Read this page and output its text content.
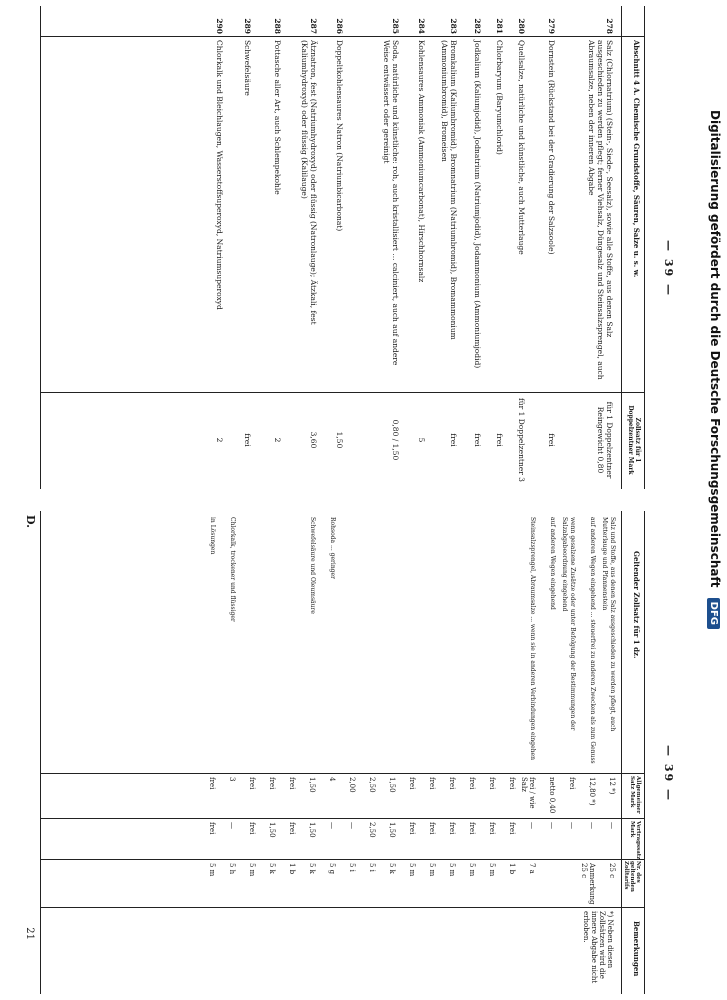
— 39 —
Abschnitt 4 A. Chemische Grundstoffe, Säuren, Salze u. s. w.
Zollsatz für 1 Doppelzentner Mark
278
Salz (Chlornatrium) (Stein-, Siede-, Seesalz), sowie alle Stoffe, aus denen Salz ausgeschieden zu werden pflegt; ferner Viehsalz, Düngesalz und Steinsalzsprengel, auch Abraumsalze, neben der inneren Abgabe
für 1 Doppelzentner Reingewicht 0,80
279
Dornstein (Rückstand bei der Gradierung der Salzsoole)
frei
280
Quellsalze, natürliche und künstliche, auch Mutterlauge
für 1 Doppelzentner 3
281
Chlorbaryum (Baryumchlorid)
frei
282
Jodkalium (Kaliumjodid), Jodnatrium (Natriumjodid), Jodammonium (Ammoniumjodid)
frei
283
Bromkalium (Kaliumbromid), Bromnatrium (Natriumbromid), Bromammonium (Ammoniumbromid), Bromeisen
frei
284
Kohlensaures Ammoniak (Ammoniumcarbonat), Hirschhornsalz
5
285
Soda, natürliche und künstliche: roh, auch kristallisiert ... calciniert, auch auf andere Weise entwässert oder gereinigt
0,80 / 1,50
286
Doppeltkohlensaures Natron (Natriumbicarbonat)
1,50
287
Ätznatron, fest (Natriumhydroxyd) oder flüssig (Natronlauge); Ätzkali, fest (Kaliumhydroxyd) oder flüssig (Kalilauge)
3,60
288
Pottasche aller Art, auch Schlempekohle
2
289
Schwefelsäure
frei
290
Chlorkalk und Bleichlaugen, Wasserstoffsuperoxyd, Natriumsuperoxyd
2
— 39 —
Geltender Zollsatz für 1 dz.
Allgemeiner Satz Mark
Vertragssatz Mark
Nr. des geltenden Zolltarifs
Bemerkungen
*) Neben diesen Zollsätzen wird die innere Abgabe nicht erhoben.
Salz und Stoffe, aus denen Salz ausgeschieden zu werden pflegt, auch Mutterlauge und Pfannenstein
12 *)
—
25 c
auf anderen Wegen eingehend ... steuerfrei zu anderen Zwecken als zum Genuss
12,80 *)
—
Anmerkung 25 c
wenn gesalzene Zusätze oder unter Befolgung der Bestimmungen der Salzabgabeordnung eingehend
frei
—
auf anderen Wegen eingehend
netto 0,40
—
Steinsalzsprengel, Abraumsalze ... wenn sie in anderen Verbindungen eingehen
frei / wie Salz
—
7 a
frei
frei
1 b
frei
frei
5 m
frei
frei
5 m
frei
frei
5 m
frei
frei
5 m
frei
frei
5 m
1,50
1,50
5 k
2,50
2,50
5 i
2,00
—
5 i
Rohsoda ... geringer
4
—
5 g
Schwefelsäure und Oleumsäure
1,50
1,50
5 k
frei
frei
1 b
frei
1,50
5 k
frei
frei
5 m
Chlorkalk, trockener und flüssiger
3
—
5 h
in Lösungen
frei
frei
5 m
D.
21
Digitalisierung gefördert durch die Deutsche Forschungsgemeinschaft DFG
